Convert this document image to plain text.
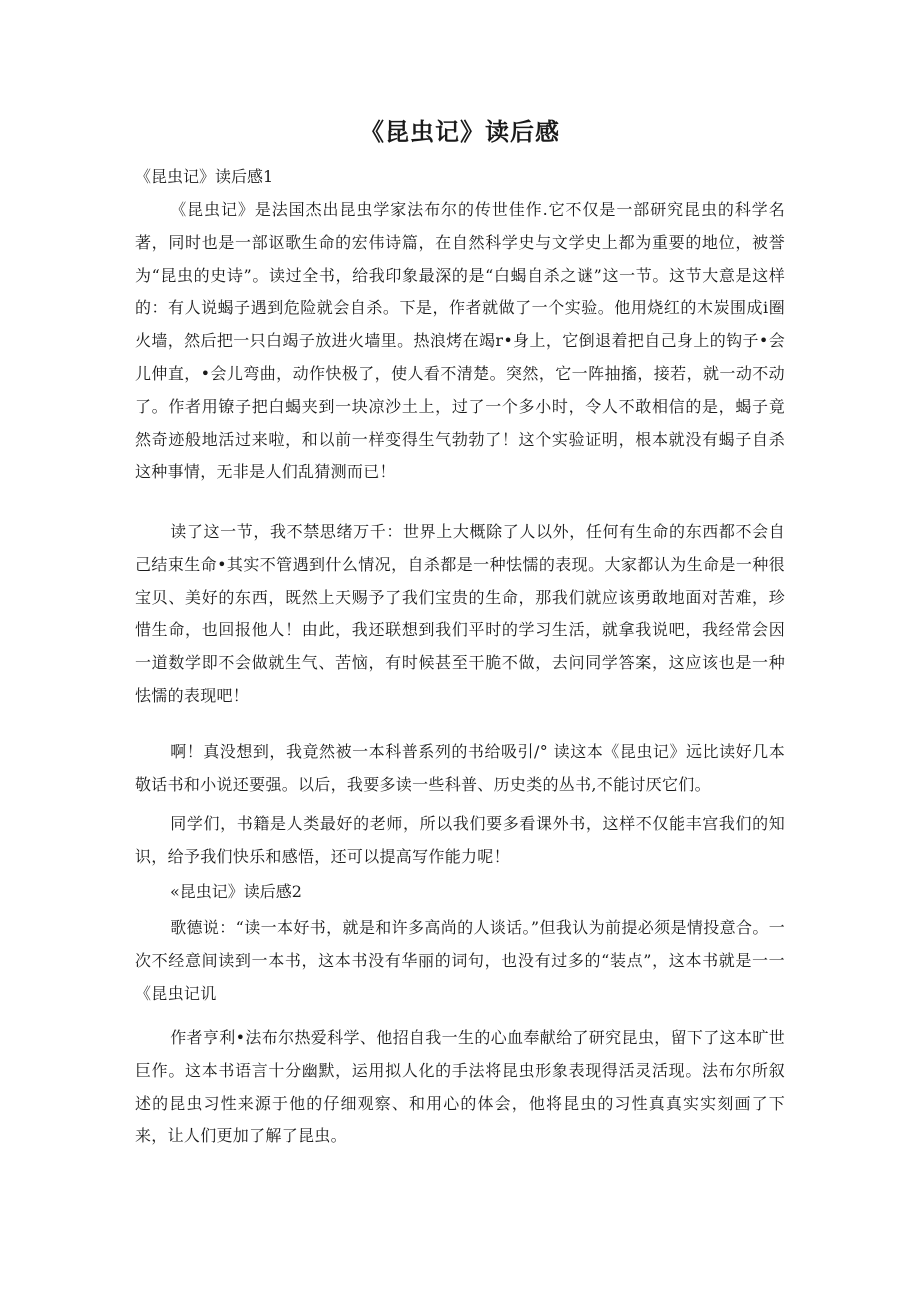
《昆虫记》读后感

《昆虫记》读后感1

《昆虫记》是法国杰出昆虫学家法布尔的传世佳作.它不仅是一部研究昆虫的科学名著，同时也是一部讴歌生命的宏伟诗篇，在自然科学史与文学史上都为重要的地位，被誉为“昆虫的史诗”。读过全书，给我印象最深的是“白蝎自杀之谜”这一节。这节大意是这样的：有人说蝎子遇到危险就会自杀。下是，作者就做了一个实验。他用烧红的木炭围成i圈火墙，然后把一只白竭子放进火墙里。热浪烤在竭r•身上，它倒退着把自己身上的钩子•会儿伸直，•会儿弯曲，动作快极了，使人看不清楚。突然，它一阵抽搐，接若，就一动不动了。作者用镣子把白蝎夹到一块凉沙土上，过了一个多小时，令人不敢相信的是，蝎子竟然奇迹般地活过来啦，和以前一样变得生气勃勃了！这个实验证明，根本就没有蝎子自杀这种事情，无非是人们乱猜测而已！

读了这一节，我不禁思绪万千：世界上大概除了人以外，任何有生命的东西都不会自己结束生命•其实不管遇到什么情况，自杀都是一种怯懦的表现。大家都认为生命是一种很宝贝、美好的东西，既然上天赐予了我们宝贵的生命，那我们就应该勇敢地面对苦难，珍惜生命，也回报他人！由此，我还联想到我们平时的学习生活，就拿我说吧，我经常会因一道数学即不会做就生气、苦恼，有时候甚至干脆不做，去问同学答案，这应该也是一种怯懦的表现吧！

啊！真没想到，我竟然被一本科普系列的书给吸引/° 读这本《昆虫记》远比读好几本敬话书和小说还要强。以后，我要多读一些科普、历史类的丛书,不能讨厌它们。

同学们，书籍是人类最好的老师，所以我们要多看课外书，这样不仅能丰宫我们的知识，给予我们快乐和感悟，还可以提高写作能力呢！

«昆虫记》读后感2

歌德说：“读一本好书，就是和许多高尚的人谈话。”但我认为前提必须是情投意合。一次不经意间读到一本书，这本书没有华丽的词句，也没有过多的“装点”，这本书就是一一《昆虫记讥

作者亨利•法布尔热爱科学、他招自我一生的心血奉献给了研究昆虫，留下了这本旷世巨作。这本书语言十分幽默，运用拟人化的手法将昆虫形象表现得活灵活现。法布尔所叙述的昆虫习性来源于他的仔细观察、和用心的体会，他将昆虫的习性真真实实刻画了下来，让人们更加了解了昆虫。
